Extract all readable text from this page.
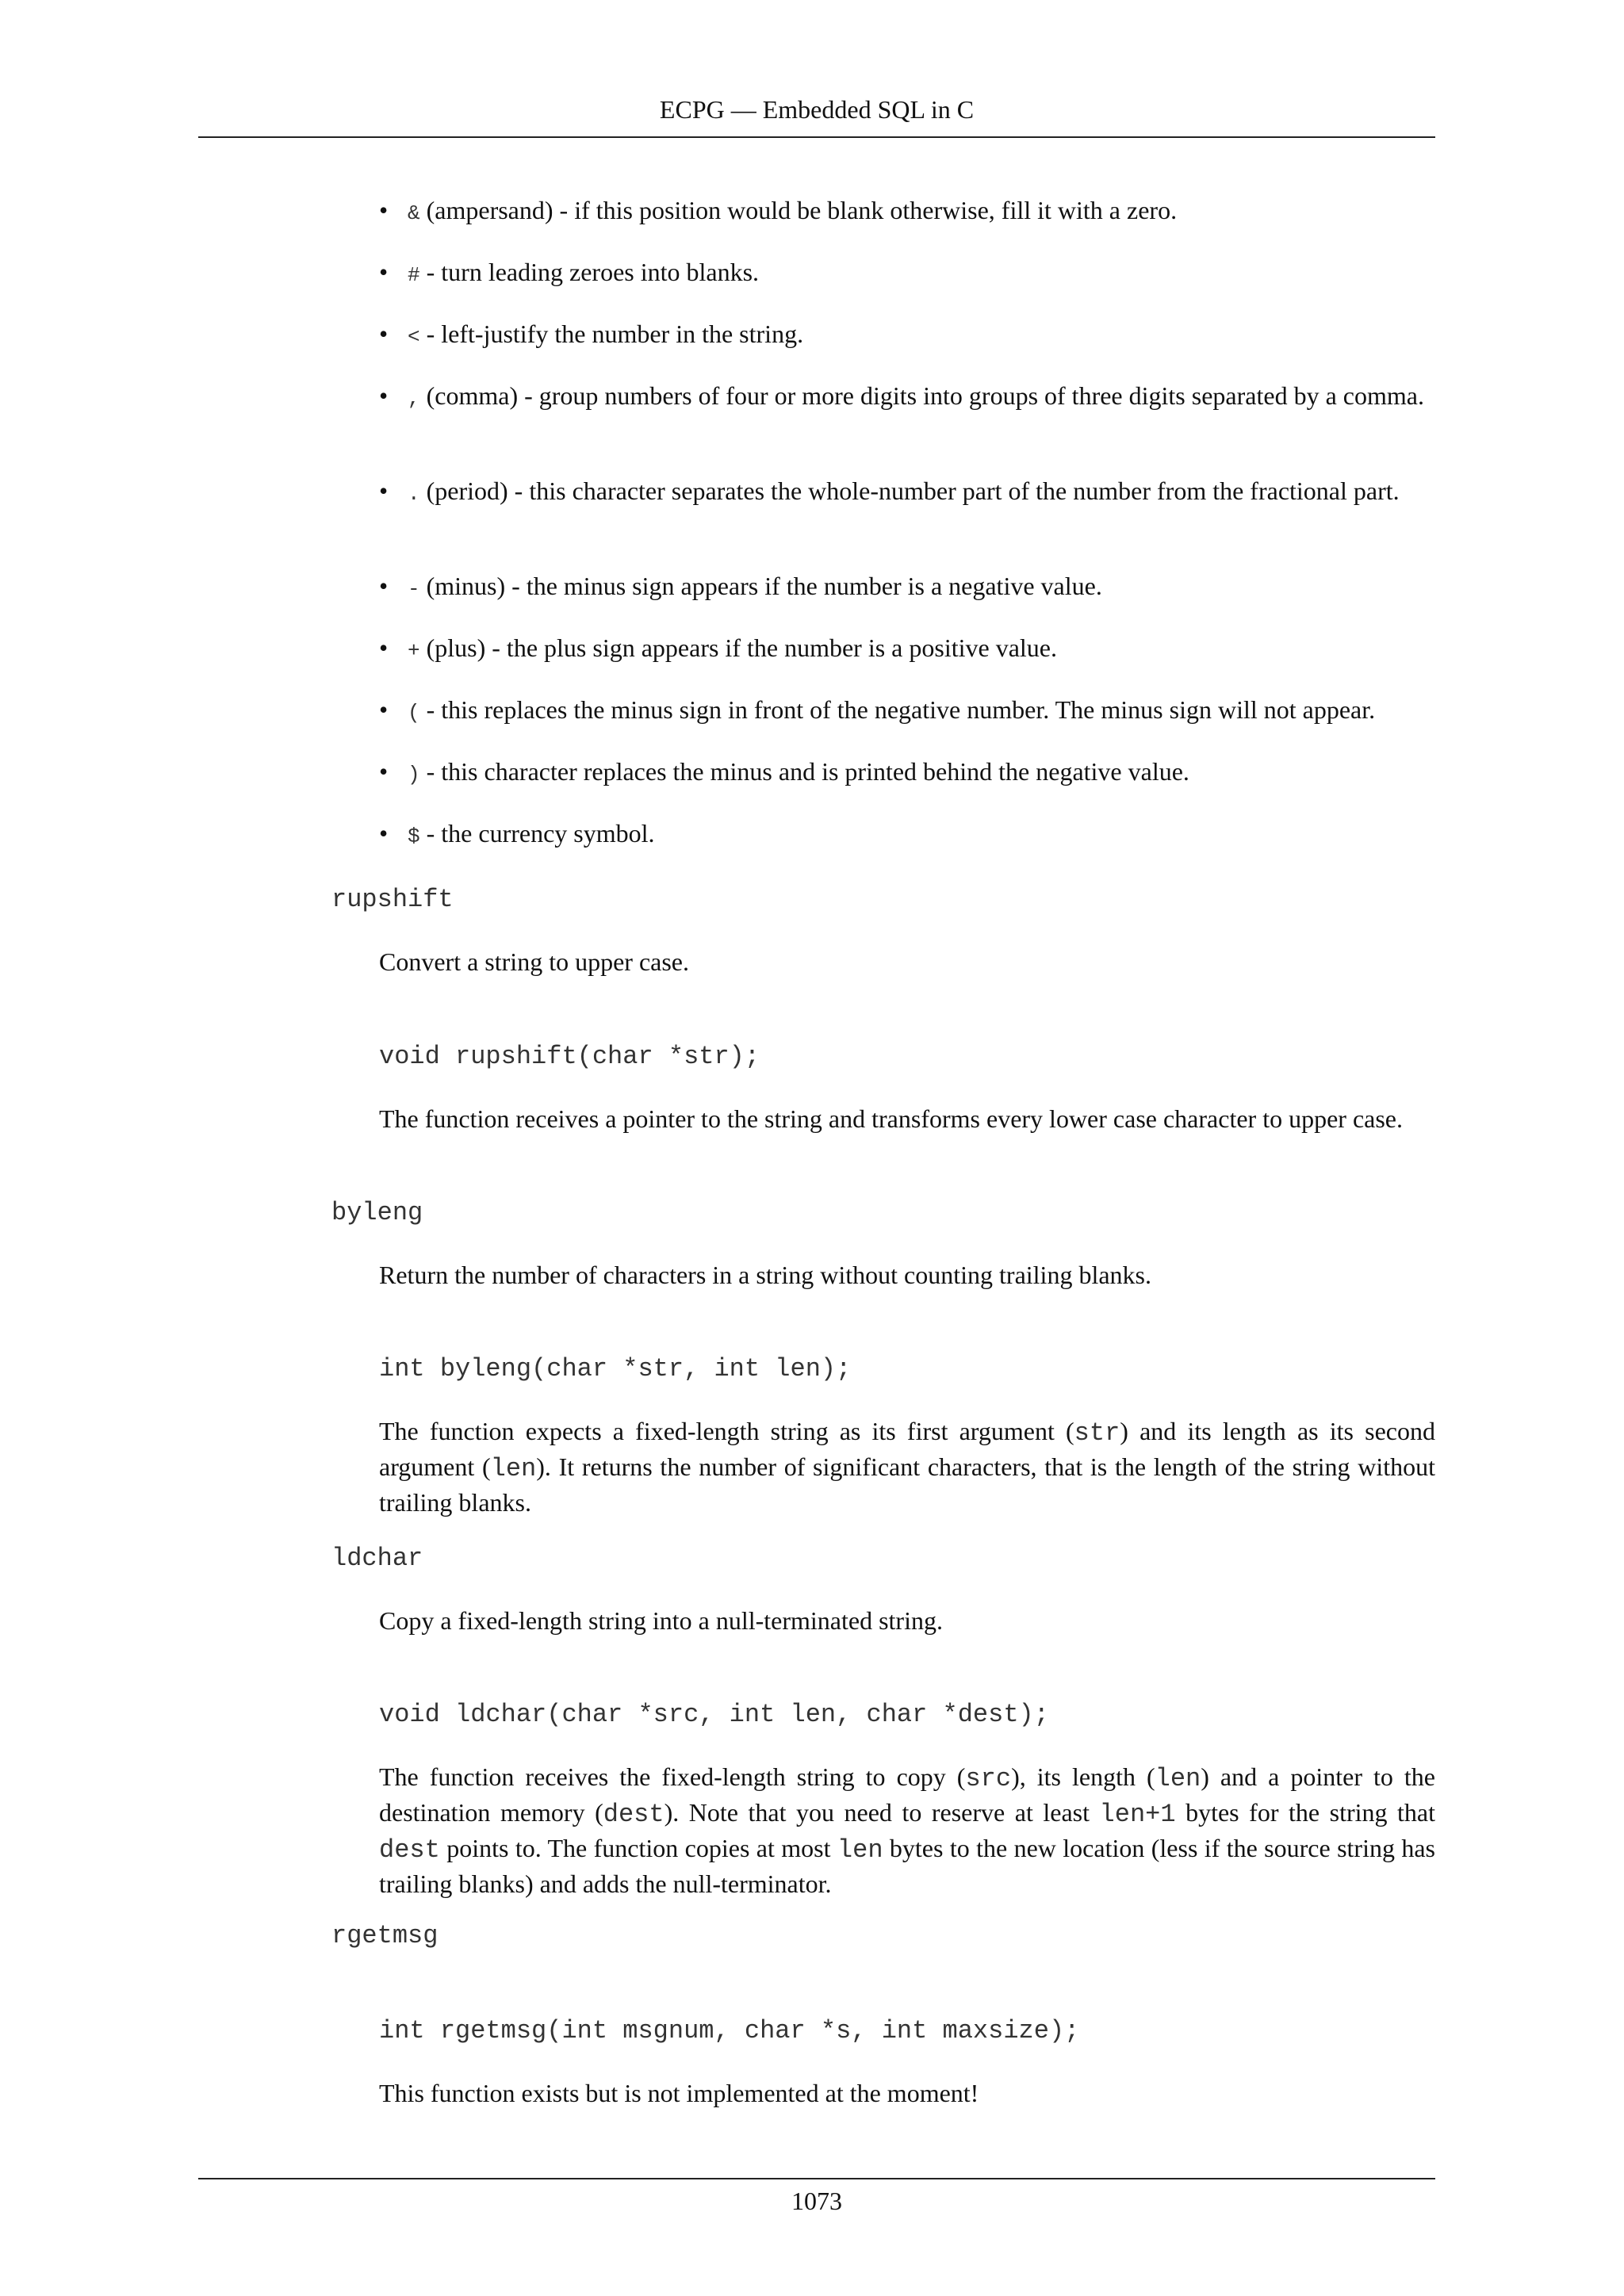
ECPG — Embedded SQL in C
• & (ampersand) - if this position would be blank otherwise, fill it with a zero.
• # - turn leading zeroes into blanks.
• < - left-justify the number in the string.
• , (comma) - group numbers of four or more digits into groups of three digits separated by a comma.
• . (period) - this character separates the whole-number part of the number from the fractional part.
• - (minus) - the minus sign appears if the number is a negative value.
• + (plus) - the plus sign appears if the number is a positive value.
• ( - this replaces the minus sign in front of the negative number. The minus sign will not appear.
• ) - this character replaces the minus and is printed behind the negative value.
• $ - the currency symbol.
rupshift
Convert a string to upper case.
void rupshift(char *str);
The function receives a pointer to the string and transforms every lower case character to upper case.
byleng
Return the number of characters in a string without counting trailing blanks.
int byleng(char *str, int len);
The function expects a fixed-length string as its first argument (str) and its length as its second argument (len). It returns the number of significant characters, that is the length of the string without trailing blanks.
ldchar
Copy a fixed-length string into a null-terminated string.
void ldchar(char *src, int len, char *dest);
The function receives the fixed-length string to copy (src), its length (len) and a pointer to the destination memory (dest). Note that you need to reserve at least len+1 bytes for the string that dest points to. The function copies at most len bytes to the new location (less if the source string has trailing blanks) and adds the null-terminator.
rgetmsg
int rgetmsg(int msgnum, char *s, int maxsize);
This function exists but is not implemented at the moment!
1073
